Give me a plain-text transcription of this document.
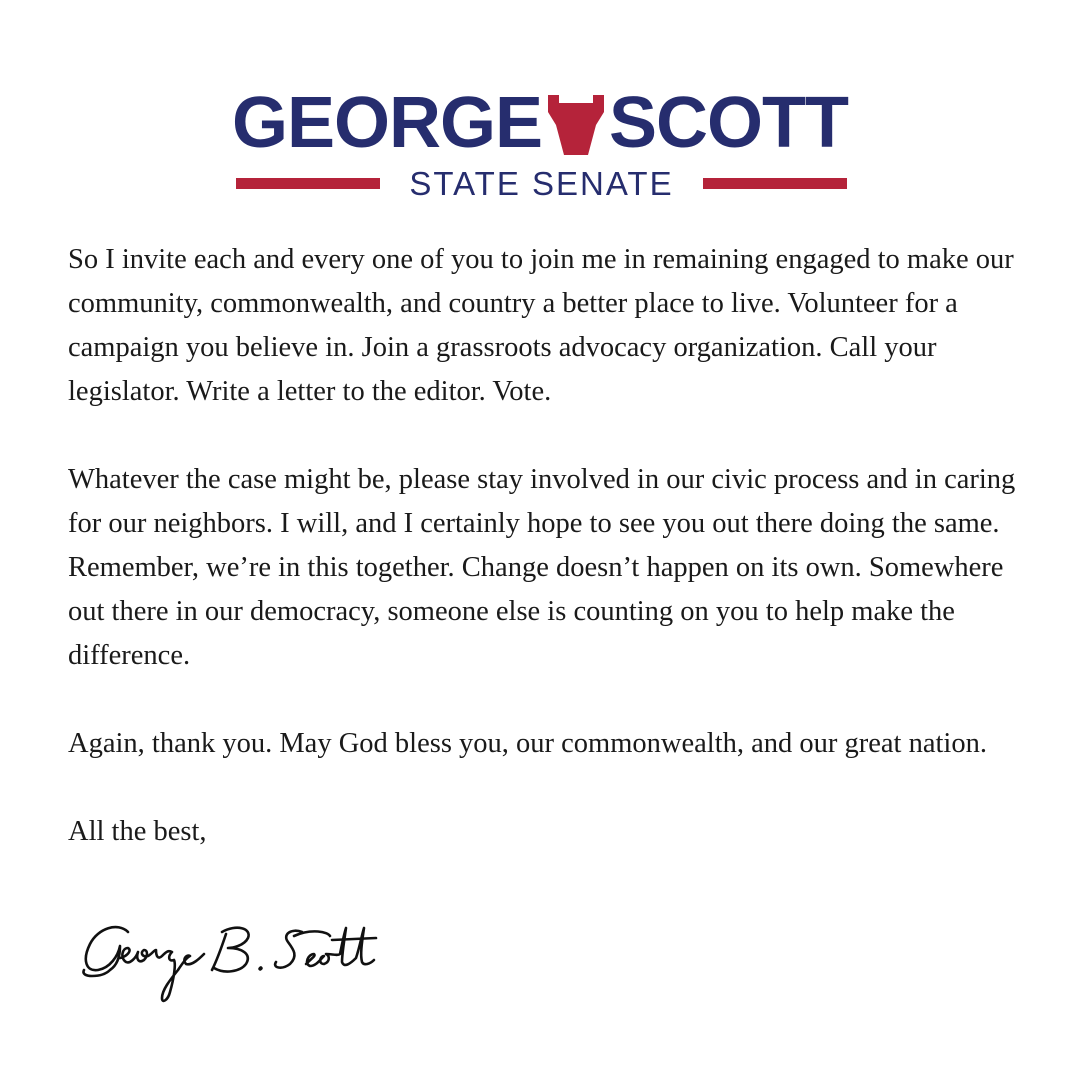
GEORGE SCOTT
STATE SENATE

So I invite each and every one of you to join me in remaining engaged to make our community, commonwealth, and country a better place to live. Volunteer for a campaign you believe in. Join a grassroots advocacy organization. Call your legislator. Write a letter to the editor. Vote.

Whatever the case might be, please stay involved in our civic process and in caring for our neighbors. I will, and I certainly hope to see you out there doing the same. Remember, we’re in this together. Change doesn’t happen on its own. Somewhere out there in our democracy, someone else is counting on you to help make the difference.

Again, thank you. May God bless you, our commonwealth, and our great nation.

All the best,
